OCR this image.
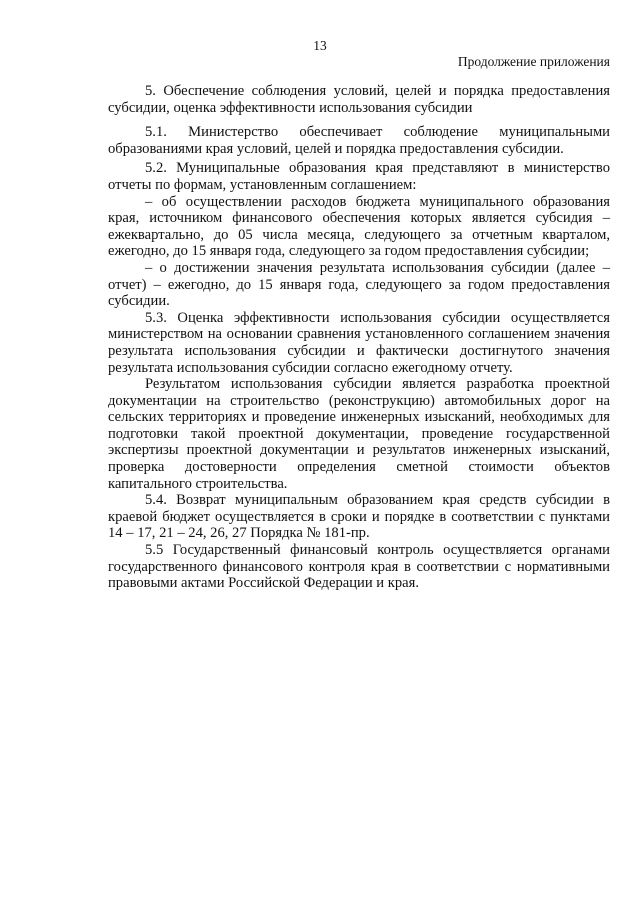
13
Продолжение приложения

5. Обеспечение соблюдения условий, целей и порядка предоставления субсидии, оценка эффективности использования субсидии

5.1. Министерство обеспечивает соблюдение муниципальными образованиями края условий, целей и порядка предоставления субсидии.

5.2. Муниципальные образования края представляют в министерство отчеты по формам, установленным соглашением:

– об осуществлении расходов бюджета муниципального образования края, источником финансового обеспечения которых является субсидия – ежеквартально, до 05 числа месяца, следующего за отчетным кварталом, ежегодно, до 15 января года, следующего за годом предоставления субсидии;

– о достижении значения результата использования субсидии (далее – отчет) – ежегодно, до 15 января года, следующего за годом предоставления субсидии.

5.3. Оценка эффективности использования субсидии осуществляется министерством на основании сравнения установленного соглашением значения результата использования субсидии и фактически достигнутого значения результата использования субсидии согласно ежегодному отчету.

Результатом использования субсидии является разработка проектной документации на строительство (реконструкцию) автомобильных дорог на сельских территориях и проведение инженерных изысканий, необходимых для подготовки такой проектной документации, проведение государственной экспертизы проектной документации и результатов инженерных изысканий, проверка достоверности определения сметной стоимости объектов капитального строительства.

5.4. Возврат муниципальным образованием края средств субсидии в краевой бюджет осуществляется в сроки и порядке в соответствии с пунктами 14 – 17, 21 – 24, 26, 27 Порядка № 181-пр.

5.5 Государственный финансовый контроль осуществляется органами государственного финансового контроля края в соответствии с нормативными правовыми актами Российской Федерации и края.
